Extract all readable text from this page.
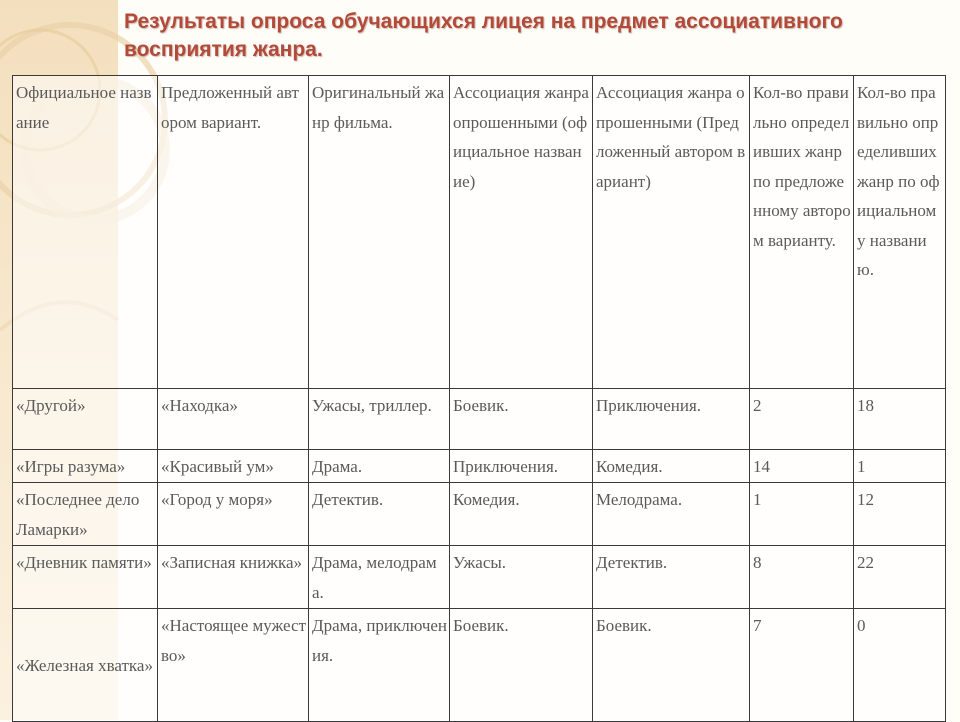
Результаты опроса обучающихся лицея на предмет ассоциативного восприятия жанра.
Официальное название	Предложенный автором вариант.	Оригинальный жанр фильма.	Ассоциация жанра опрошенными (официальное название)	Ассоциация жанра опрошенными (Предложенный автором вариант)	Кол-во правильно определивших жанр по предложенному автором варианту.	Кол-во правильно определивших жанр по официальному названию.
«Другой»	«Находка»	Ужасы, триллер.	Боевик.	Приключения.	2	18
«Игры разума»	«Красивый ум»	Драма.	Приключения.	Комедия.	14	1
«Последнее дело Ламарки»	«Город у моря»	Детектив.	Комедия.	Мелодрама.	1	12
«Дневник памяти»	«Записная книжка»	Драма, мелодрама.	Ужасы.	Детектив.	8	22
«Железная хватка»	«Настоящее мужество»	Драма, приключения.	Боевик.	Боевик.	7	0
